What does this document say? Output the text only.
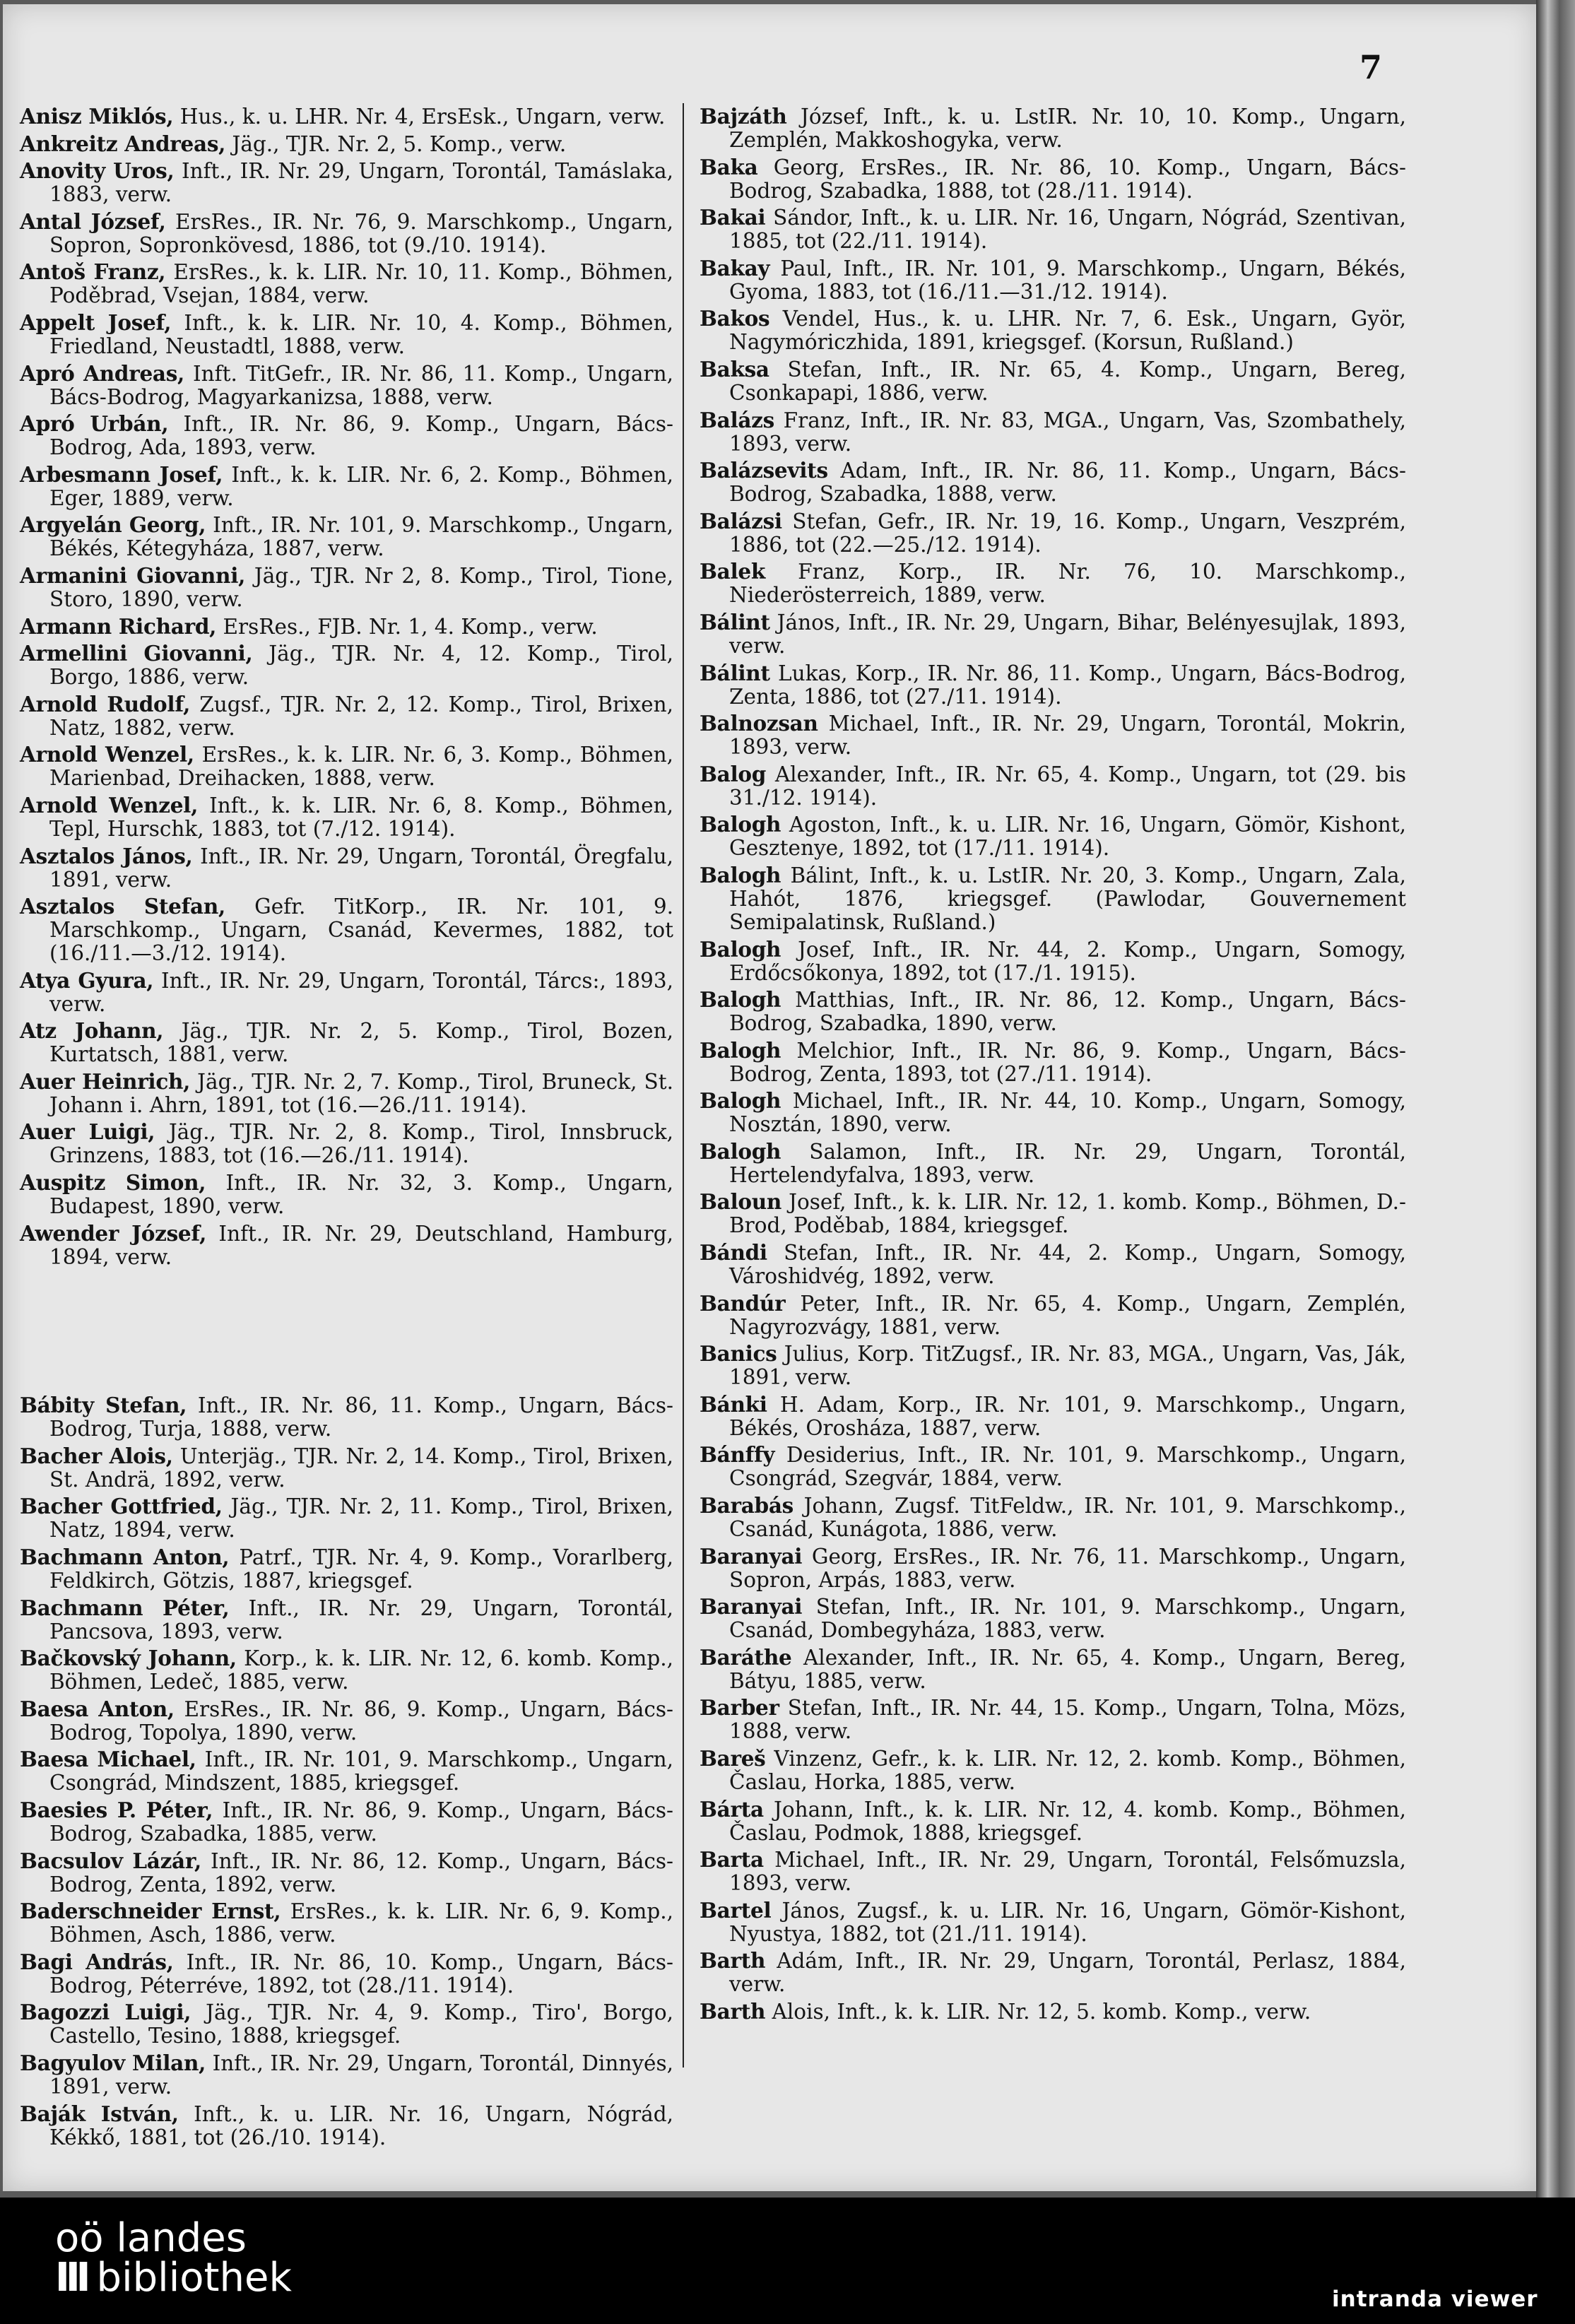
7

Anisz Miklós, Hus., k. u. LHR. Nr. 4, ErsEsk., Ungarn, verw.

Ankreitz Andreas, Jäg., TJR. Nr. 2, 5. Komp., verw.

Anovity Uros, Inft., IR. Nr. 29, Ungarn, Torontál, Tamáslaka, 1883, verw.

Antal József, ErsRes., IR. Nr. 76, 9. Marschkomp., Ungarn, Sopron, Sopronkövesd, 1886, tot (9./10. 1914).

Antoš Franz, ErsRes., k. k. LIR. Nr. 10, 11. Komp., Böhmen, Poděbrad, Vsejan, 1884, verw.

Appelt Josef, Inft., k. k. LIR. Nr. 10, 4. Komp., Böhmen, Friedland, Neustadtl, 1888, verw.

Apró Andreas, Inft. TitGefr., IR. Nr. 86, 11. Komp., Ungarn, Bács-Bodrog, Magyarkanizsa, 1888, verw.

Apró Urbán, Inft., IR. Nr. 86, 9. Komp., Ungarn, Bács-Bodrog, Ada, 1893, verw.

Arbesmann Josef, Inft., k. k. LIR. Nr. 6, 2. Komp., Böhmen, Eger, 1889, verw.

Argyelán Georg, Inft., IR. Nr. 101, 9. Marschkomp., Ungarn, Békés, Kétegyháza, 1887, verw.

Armanini Giovanni, Jäg., TJR. Nr 2, 8. Komp., Tirol, Tione, Storo, 1890, verw.

Armann Richard, ErsRes., FJB. Nr. 1, 4. Komp., verw.

Armellini Giovanni, Jäg., TJR. Nr. 4, 12. Komp., Tirol, Borgo, 1886, verw.

Arnold Rudolf, Zugsf., TJR. Nr. 2, 12. Komp., Tirol, Brixen, Natz, 1882, verw.

Arnold Wenzel, ErsRes., k. k. LIR. Nr. 6, 3. Komp., Böhmen, Marienbad, Dreihacken, 1888, verw.

Arnold Wenzel, Inft., k. k. LIR. Nr. 6, 8. Komp., Böhmen, Tepl, Hurschk, 1883, tot (7./12. 1914).

Asztalos János, Inft., IR. Nr. 29, Ungarn, Torontál, Öregfalu, 1891, verw.

Asztalos Stefan, Gefr. TitKorp., IR. Nr. 101, 9. Marschkomp., Ungarn, Csanád, Kevermes, 1882, tot (16./11.—3./12. 1914).

Atya Gyura, Inft., IR. Nr. 29, Ungarn, Torontál, Tárcs:, 1893, verw.

Atz Johann, Jäg., TJR. Nr. 2, 5. Komp., Tirol, Bozen, Kurtatsch, 1881, verw.

Auer Heinrich, Jäg., TJR. Nr. 2, 7. Komp., Tirol, Bruneck, St. Johann i. Ahrn, 1891, tot (16.—26./11. 1914).

Auer Luigi, Jäg., TJR. Nr. 2, 8. Komp., Tirol, Innsbruck, Grinzens, 1883, tot (16.—26./11. 1914).

Auspitz Simon, Inft., IR. Nr. 32, 3. Komp., Ungarn, Budapest, 1890, verw.

Awender József, Inft., IR. Nr. 29, Deutschland, Hamburg, 1894, verw.

Bábity Stefan, Inft., IR. Nr. 86, 11. Komp., Ungarn, Bács-Bodrog, Turja, 1888, verw.

Bacher Alois, Unterjäg., TJR. Nr. 2, 14. Komp., Tirol, Brixen, St. Andrä, 1892, verw.

Bacher Gottfried, Jäg., TJR. Nr. 2, 11. Komp., Tirol, Brixen, Natz, 1894, verw.

Bachmann Anton, Patrf., TJR. Nr. 4, 9. Komp., Vorarlberg, Feldkirch, Götzis, 1887, kriegsgef.

Bachmann Péter, Inft., IR. Nr. 29, Ungarn, Torontál, Pancsova, 1893, verw.

Bačkovský Johann, Korp., k. k. LIR. Nr. 12, 6. komb. Komp., Böhmen, Ledeč, 1885, verw.

Baesa Anton, ErsRes., IR. Nr. 86, 9. Komp., Ungarn, Bács-Bodrog, Topolya, 1890, verw.

Baesa Michael, Inft., IR. Nr. 101, 9. Marschkomp., Ungarn, Csongrád, Mindszent, 1885, kriegsgef.

Baesies P. Péter, Inft., IR. Nr. 86, 9. Komp., Ungarn, Bács-Bodrog, Szabadka, 1885, verw.

Bacsulov Lázár, Inft., IR. Nr. 86, 12. Komp., Ungarn, Bács-Bodrog, Zenta, 1892, verw.

Baderschneider Ernst, ErsRes., k. k. LIR. Nr. 6, 9. Komp., Böhmen, Asch, 1886, verw.

Bagi András, Inft., IR. Nr. 86, 10. Komp., Ungarn, Bács-Bodrog, Péterréve, 1892, tot (28./11. 1914).

Bagozzi Luigi, Jäg., TJR. Nr. 4, 9. Komp., Tiro', Borgo, Castello, Tesino, 1888, kriegsgef.

Bagyulov Milan, Inft., IR. Nr. 29, Ungarn, Torontál, Dinnyés, 1891, verw.

Baják István, Inft., k. u. LIR. Nr. 16, Ungarn, Nógrád, Kékkő, 1881, tot (26./10. 1914).

Bajzáth József, Inft., k. u. LstIR. Nr. 10, 10. Komp., Ungarn, Zemplén, Makkoshogyka, verw.

Baka Georg, ErsRes., IR. Nr. 86, 10. Komp., Ungarn, Bács-Bodrog, Szabadka, 1888, tot (28./11. 1914).

Bakai Sándor, Inft., k. u. LIR. Nr. 16, Ungarn, Nógrád, Szentivan, 1885, tot (22./11. 1914).

Bakay Paul, Inft., IR. Nr. 101, 9. Marschkomp., Ungarn, Békés, Gyoma, 1883, tot (16./11.—31./12. 1914).

Bakos Vendel, Hus., k. u. LHR. Nr. 7, 6. Esk., Ungarn, Györ, Nagymóriczhida, 1891, kriegsgef. (Korsun, Rußland.)

Baksa Stefan, Inft., IR. Nr. 65, 4. Komp., Ungarn, Bereg, Csonkapapi, 1886, verw.

Balázs Franz, Inft., IR. Nr. 83, MGA., Ungarn, Vas, Szombathely, 1893, verw.

Balázsevits Adam, Inft., IR. Nr. 86, 11. Komp., Ungarn, Bács-Bodrog, Szabadka, 1888, verw.

Balázsi Stefan, Gefr., IR. Nr. 19, 16. Komp., Ungarn, Veszprém, 1886, tot (22.—25./12. 1914).

Balek Franz, Korp., IR. Nr. 76, 10. Marschkomp., Niederösterreich, 1889, verw.

Bálint János, Inft., IR. Nr. 29, Ungarn, Bihar, Belényesujlak, 1893, verw.

Bálint Lukas, Korp., IR. Nr. 86, 11. Komp., Ungarn, Bács-Bodrog, Zenta, 1886, tot (27./11. 1914).

Balnozsan Michael, Inft., IR. Nr. 29, Ungarn, Torontál, Mokrin, 1893, verw.

Balog Alexander, Inft., IR. Nr. 65, 4. Komp., Ungarn, tot (29. bis 31./12. 1914).

Balogh Agoston, Inft., k. u. LIR. Nr. 16, Ungarn, Gömör, Kishont, Gesztenye, 1892, tot (17./11. 1914).

Balogh Bálint, Inft., k. u. LstIR. Nr. 20, 3. Komp., Ungarn, Zala, Hahót, 1876, kriegsgef. (Pawlodar, Gouvernement Semipalatinsk, Rußland.)

Balogh Josef, Inft., IR. Nr. 44, 2. Komp., Ungarn, Somogy, Erdőcsőkonya, 1892, tot (17./1. 1915).

Balogh Matthias, Inft., IR. Nr. 86, 12. Komp., Ungarn, Bács-Bodrog, Szabadka, 1890, verw.

Balogh Melchior, Inft., IR. Nr. 86, 9. Komp., Ungarn, Bács-Bodrog, Zenta, 1893, tot (27./11. 1914).

Balogh Michael, Inft., IR. Nr. 44, 10. Komp., Ungarn, Somogy, Nosztán, 1890, verw.

Balogh Salamon, Inft., IR. Nr. 29, Ungarn, Torontál, Hertelendyfalva, 1893, verw.

Baloun Josef, Inft., k. k. LIR. Nr. 12, 1. komb. Komp., Böhmen, D.-Brod, Poděbab, 1884, kriegsgef.

Bándi Stefan, Inft., IR. Nr. 44, 2. Komp., Ungarn, Somogy, Városhidvég, 1892, verw.

Bandúr Peter, Inft., IR. Nr. 65, 4. Komp., Ungarn, Zemplén, Nagyrozvágy, 1881, verw.

Banics Julius, Korp. TitZugsf., IR. Nr. 83, MGA., Ungarn, Vas, Ják, 1891, verw.

Bánki H. Adam, Korp., IR. Nr. 101, 9. Marschkomp., Ungarn, Békés, Orosháza, 1887, verw.

Bánffy Desiderius, Inft., IR. Nr. 101, 9. Marschkomp., Ungarn, Csongrád, Szegvár, 1884, verw.

Barabás Johann, Zugsf. TitFeldw., IR. Nr. 101, 9. Marschkomp., Csanád, Kunágota, 1886, verw.

Baranyai Georg, ErsRes., IR. Nr. 76, 11. Marschkomp., Ungarn, Sopron, Arpás, 1883, verw.

Baranyai Stefan, Inft., IR. Nr. 101, 9. Marschkomp., Ungarn, Csanád, Dombegyháza, 1883, verw.

Baráthe Alexander, Inft., IR. Nr. 65, 4. Komp., Ungarn, Bereg, Bátyu, 1885, verw.

Barber Stefan, Inft., IR. Nr. 44, 15. Komp., Ungarn, Tolna, Mözs, 1888, verw.

Bareš Vinzenz, Gefr., k. k. LIR. Nr. 12, 2. komb. Komp., Böhmen, Časlau, Horka, 1885, verw.

Bárta Johann, Inft., k. k. LIR. Nr. 12, 4. komb. Komp., Böhmen, Časlau, Podmok, 1888, kriegsgef.

Barta Michael, Inft., IR. Nr. 29, Ungarn, Torontál, Felsőmuzsla, 1893, verw.

Bartel János, Zugsf., k. u. LIR. Nr. 16, Ungarn, Gömör-Kishont, Nyustya, 1882, tot (21./11. 1914).

Barth Adám, Inft., IR. Nr. 29, Ungarn, Torontál, Perlasz, 1884, verw.

Barth Alois, Inft., k. k. LIR. Nr. 12, 5. komb. Komp., verw.

oö landes
III bibliothek	intranda viewer
